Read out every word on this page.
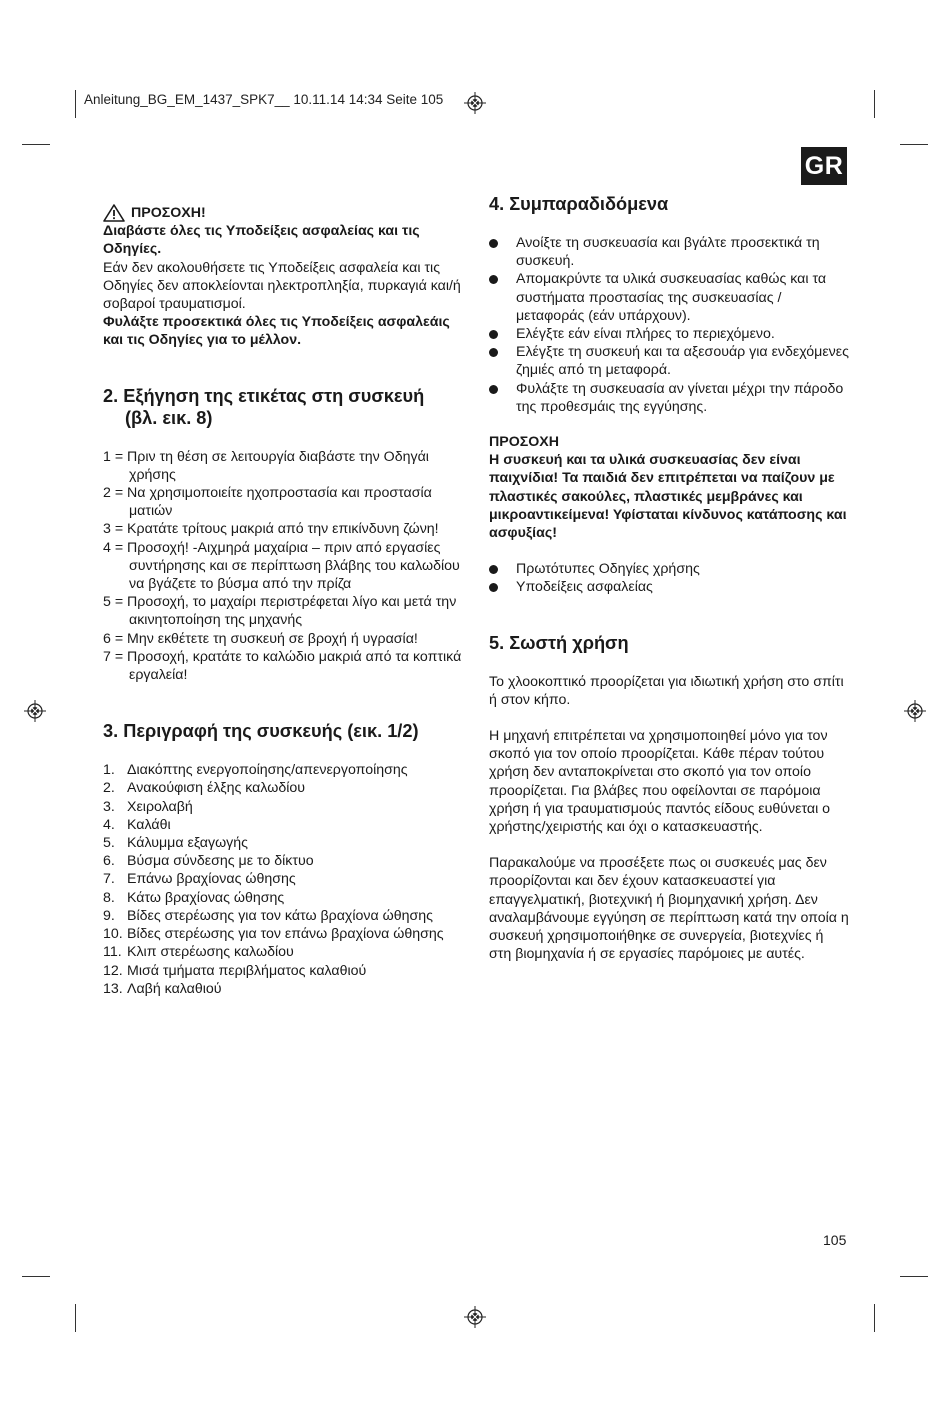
Anleitung_BG_EM_1437_SPK7__ 10.11.14 14:34 Seite 105
GR
ΠΡΟΣΟΧΗ!

Διαβάστε όλες τις Υποδείξεις ασφαλείας και τις Οδηγίες.

Εάν δεν ακολουθήσετε τις Υποδείξεις ασφαλεία και τις Οδηγίες δεν αποκλείονται ηλεκτροπληξία, πυρκαγιά και/ή σοβαροί τραυματισμοί.

Φυλάξτε προσεκτικά όλες τις Υποδείξεις ασφαλεάις και τις Οδηγίες για το μέλλον.

2. Εξήγηση της ετικέτας στη συσκευή
(βλ. εικ. 8)
1 = Πριν τη θέση σε λειτουργία διαβάστε την Οδηγάι χρήσης
2 = Να χρησιμοποιείτε ηχοπροστασία και προστασία ματιών
3 = Κρατάτε τρίτους μακριά από την επικίνδυνη ζώνη!
4 = Προσοχή! -Αιχμηρά μαχαίρια – πριν από εργασίες συντήρησης και σε περίπτωση βλάβης του καλωδίου να βγάζετε το βύσμα από την πρίζα
5 = Προσοχή, το μαχαίρι περιστρέφεται λίγο και μετά την ακινητοποίηση της μηχανής
6 = Μην εκθέτετε τη συσκευή σε βροχή ή υγρασία!
7 = Προσοχή, κρατάτε το καλώδιο μακριά από τα κοπτικά εργαλεία!
3. Περιγραφή της συσκευής (εικ. 1/2)
1. Διακόπτης ενεργοποίησης/απενεργοποίησης
2. Ανακούφιση έλξης καλωδίου
3. Χειρολαβή
4. Καλάθι
5. Κάλυμμα εξαγωγής
6. Βύσμα σύνδεσης με το δίκτυο
7. Επάνω βραχίονας ώθησης
8. Κάτω βραχίονας ώθησης
9. Βίδες στερέωσης για τον κάτω βραχίονα ώθησης
10. Βίδες στερέωσης για τον επάνω βραχίονα ώθησης
11. Κλιπ στερέωσης καλωδίου
12. Μισά τμήματα περιβλήματος καλαθιού
13. Λαβή καλαθιού
4. Συμπαραδιδόμενα
Ανοίξτε τη συσκευασία και βγάλτε προσεκτικά τη συσκευή.
Απομακρύντε τα υλικά συσκευασίας καθώς και τα συστήματα προστασίας της συσκευασίας / μεταφοράς (εάν υπάρχουν).
Ελέγξτε εάν είναι πλήρες το περιεχόμενο.
Ελέγξτε τη συσκευή και τα αξεσουάρ για ενδεχόμενες ζημιές από τη μεταφορά.
Φυλάξτε τη συσκευασία αν γίνεται μέχρι την πάροδο της προθεσμάις της εγγύησης.

ΠΡΟΣΟΧΗ

Η συσκευή και τα υλικά συσκευασίας δεν είναι παιχνίδια! Τα παιδιά δεν επιτρέπεται να παίζουν με πλαστικές σακούλες, πλαστικές μεμβράνες και μικροαντικείμενα! Υφίσταται κίνδυνος κατάποσης και ασφυξίας!

Πρωτότυπες Οδηγίες χρήσης
Υποδείξεις ασφαλείας
5. Σωστή χρήση

Το χλοοκοπτικό προορίζεται για ιδιωτική χρήση στο σπίτι ή στον κήπο.

Η μηχανή επιτρέπεται να χρησιμοποιηθεί μόνο για τον σκοπό για τον οποίο προορίζεται. Κάθε πέραν τούτου χρήση δεν ανταποκρίνεται στο σκοπό για τον οποίο προορίζεται. Για βλάβες που οφείλονται σε παρόμοια χρήση ή για τραυματισμούς παντός είδους ευθύνεται ο χρήστης/χειριστής και όχι ο κατασκευαστής.

Παρακαλούμε να προσέξετε πως οι συσκευές μας δεν προορίζονται και δεν έχουν κατασκευαστεί για επαγγελματική, βιοτεχνική ή βιομηχανική χρήση. Δεν αναλαμβάνουμε εγγύηση σε περίπτωση κατά την οποία η συσκευή χρησιμοποιήθηκε σε συνεργεία, βιοτεχνίες ή στη βιομηχανία ή σε εργασίες παρόμοιες με αυτές.

105
